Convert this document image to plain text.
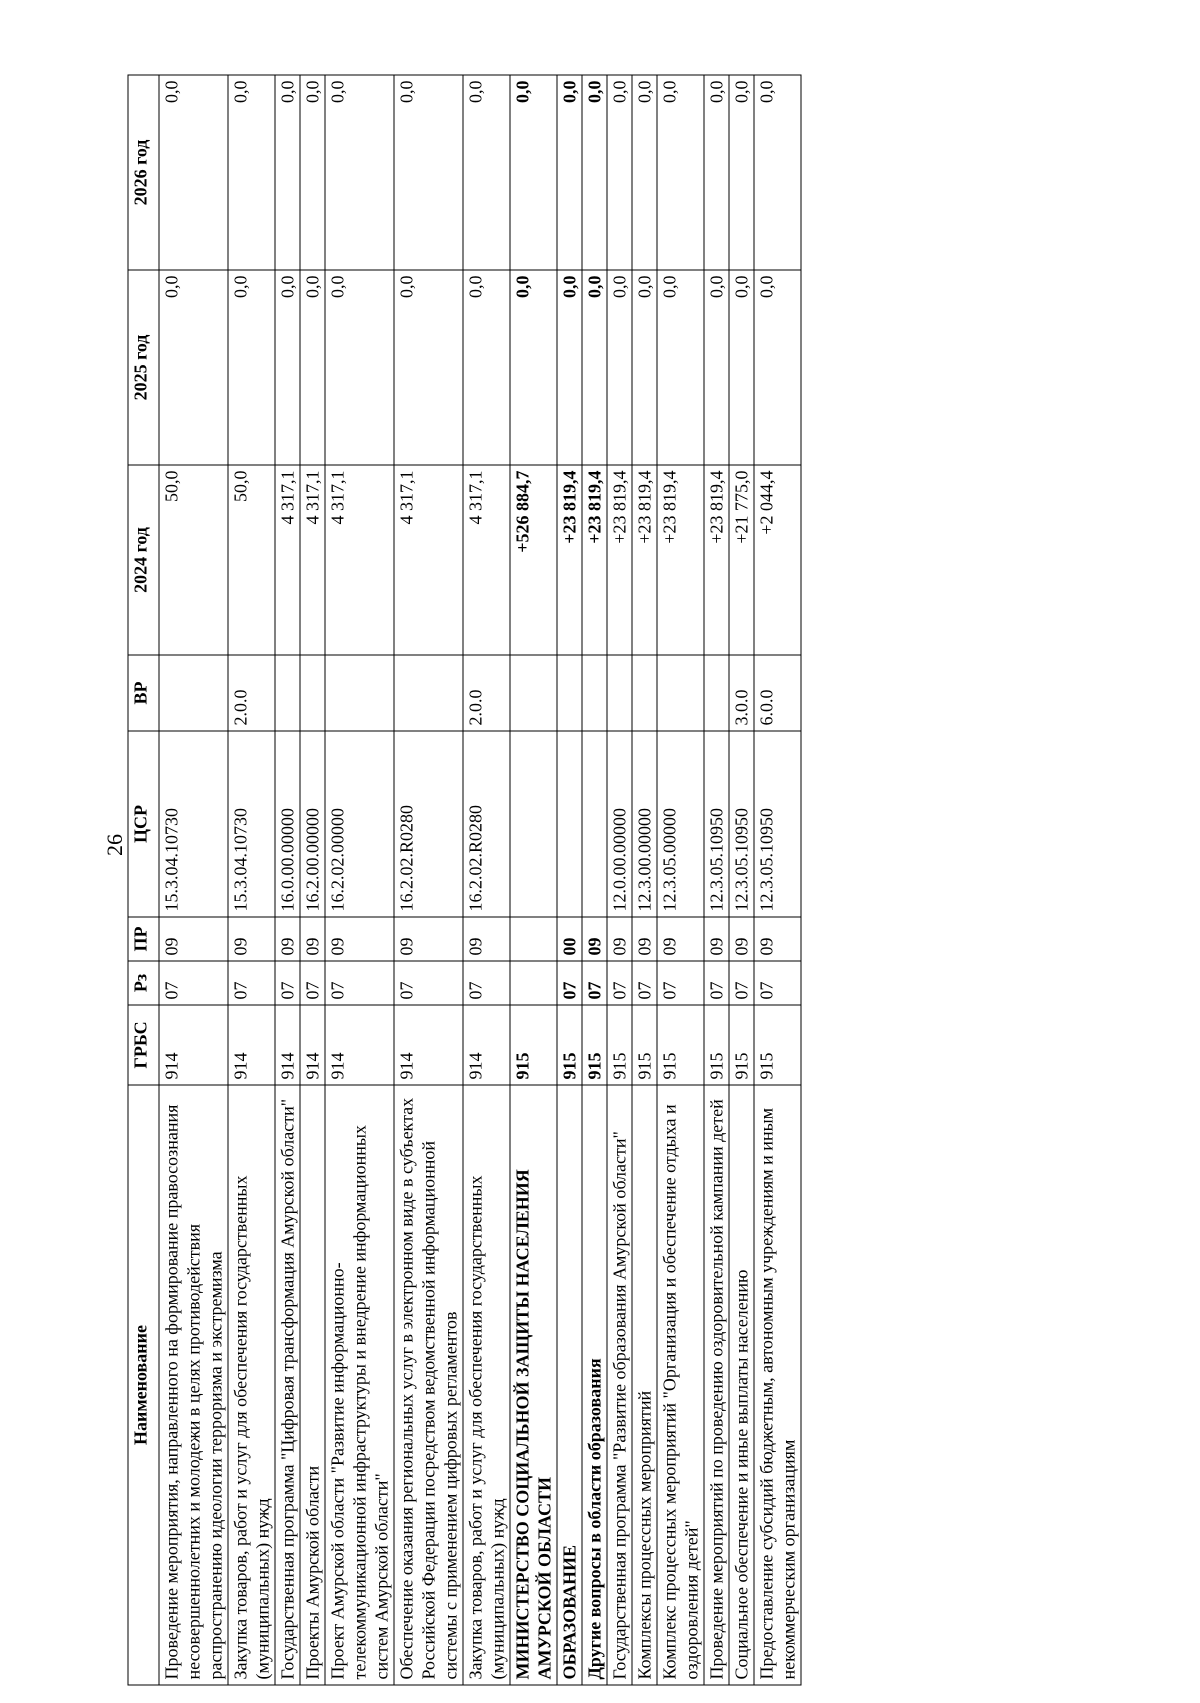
26
Наименование	ГРБС	Рз	ПР	ЦСР	ВР	2024 год	2025 год	2026 год
Проведение мероприятия, направленного на формирование правосознания несовершеннолетних и молодежи в целях противодействия распространению идеологии терроризма и экстремизма	914	07	09	15.3.04.10730		50,0	0,0	0,0
Закупка товаров, работ и услуг для обеспечения государственных (муниципальных) нужд	914	07	09	15.3.04.10730	2.0.0	50,0	0,0	0,0
Государственная программа "Цифровая трансформация Амурской области"	914	07	09	16.0.00.00000		4 317,1	0,0	0,0
Проекты Амурской области	914	07	09	16.2.00.00000		4 317,1	0,0	0,0
Проект Амурской области "Развитие информационно-телекоммуникационной инфраструктуры и внедрение информационных систем Амурской области"	914	07	09	16.2.02.00000		4 317,1	0,0	0,0
Обеспечение оказания региональных услуг в электронном виде в субъектах Российской Федерации посредством ведомственной информационной системы с применением цифровых регламентов	914	07	09	16.2.02.R0280		4 317,1	0,0	0,0
Закупка товаров, работ и услуг для обеспечения государственных (муниципальных) нужд	914	07	09	16.2.02.R0280	2.0.0	4 317,1	0,0	0,0
МИНИСТЕРСТВО СОЦИАЛЬНОЙ ЗАЩИТЫ НАСЕЛЕНИЯ АМУРСКОЙ ОБЛАСТИ	915					+526 884,7	0,0	0,0
ОБРАЗОВАНИЕ	915	07	00			+23 819,4	0,0	0,0
Другие вопросы в области образования	915	07	09			+23 819,4	0,0	0,0
Государственная программа "Развитие образования Амурской области"	915	07	09	12.0.00.00000		+23 819,4	0,0	0,0
Комплексы процессных мероприятий	915	07	09	12.3.00.00000		+23 819,4	0,0	0,0
Комплекс процессных мероприятий "Организация и обеспечение отдыха и оздоровления детей"	915	07	09	12.3.05.00000		+23 819,4	0,0	0,0
Проведение мероприятий по проведению оздоровительной кампании детей	915	07	09	12.3.05.10950		+23 819,4	0,0	0,0
Социальное обеспечение и иные выплаты населению	915	07	09	12.3.05.10950	3.0.0	+21 775,0	0,0	0,0
Предоставление субсидий бюджетным, автономным учреждениям и иным некоммерческим организациям	915	07	09	12.3.05.10950	6.0.0	+2 044,4	0,0	0,0
